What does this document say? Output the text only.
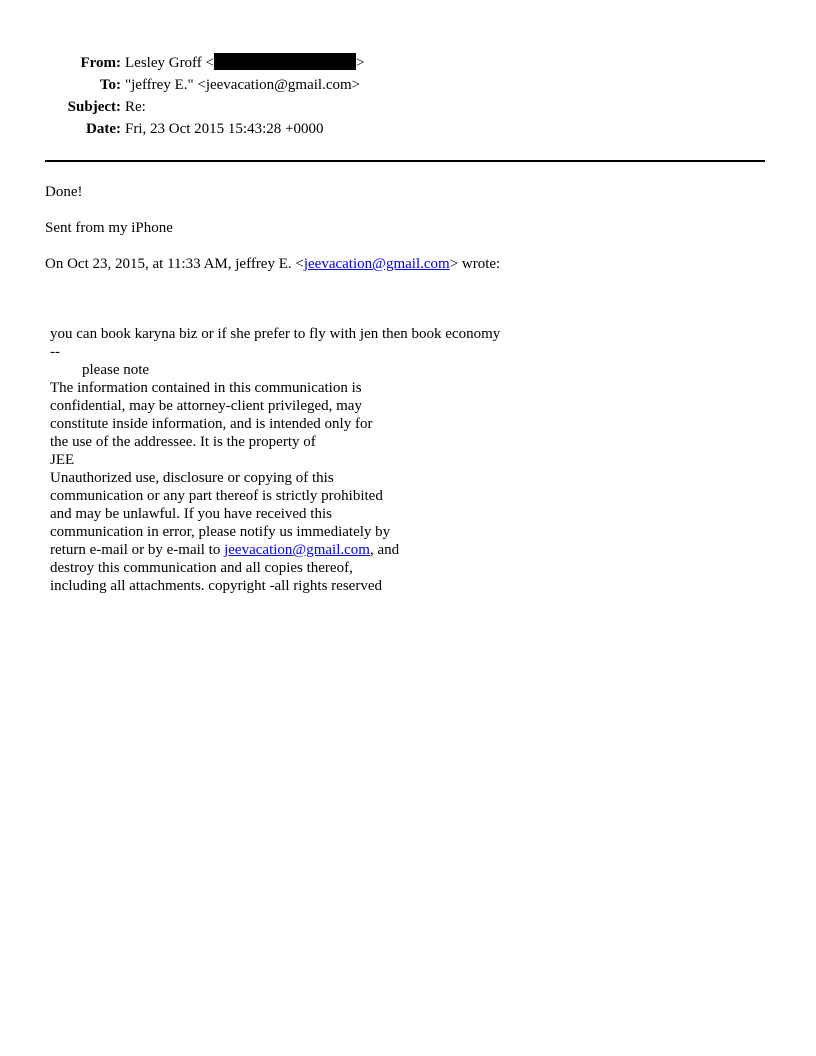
From: Lesley Groff <	>
To: "jeffrey E." <jeevacation@gmail.com>
Subject: Re:
Date: Fri, 23 Oct 2015 15:43:28 +0000
Done!
Sent from my iPhone
On Oct 23, 2015, at 11:33 AM, jeffrey E. <jeevacation@gmail.com> wrote:
you can book karyna biz or if she prefer to fly with jen then book economy
--
please note
The information contained in this communication is
confidential, may be attorney-client privileged, may
constitute inside information, and is intended only for
the use of the addressee. It is the property of
JEE
Unauthorized use, disclosure or copying of this
communication or any part thereof is strictly prohibited
and may be unlawful. If you have received this
communication in error, please notify us immediately by
return e-mail or by e-mail to jeevacation@gmail.com, and
destroy this communication and all copies thereof,
including all attachments. copyright -all rights reserved
